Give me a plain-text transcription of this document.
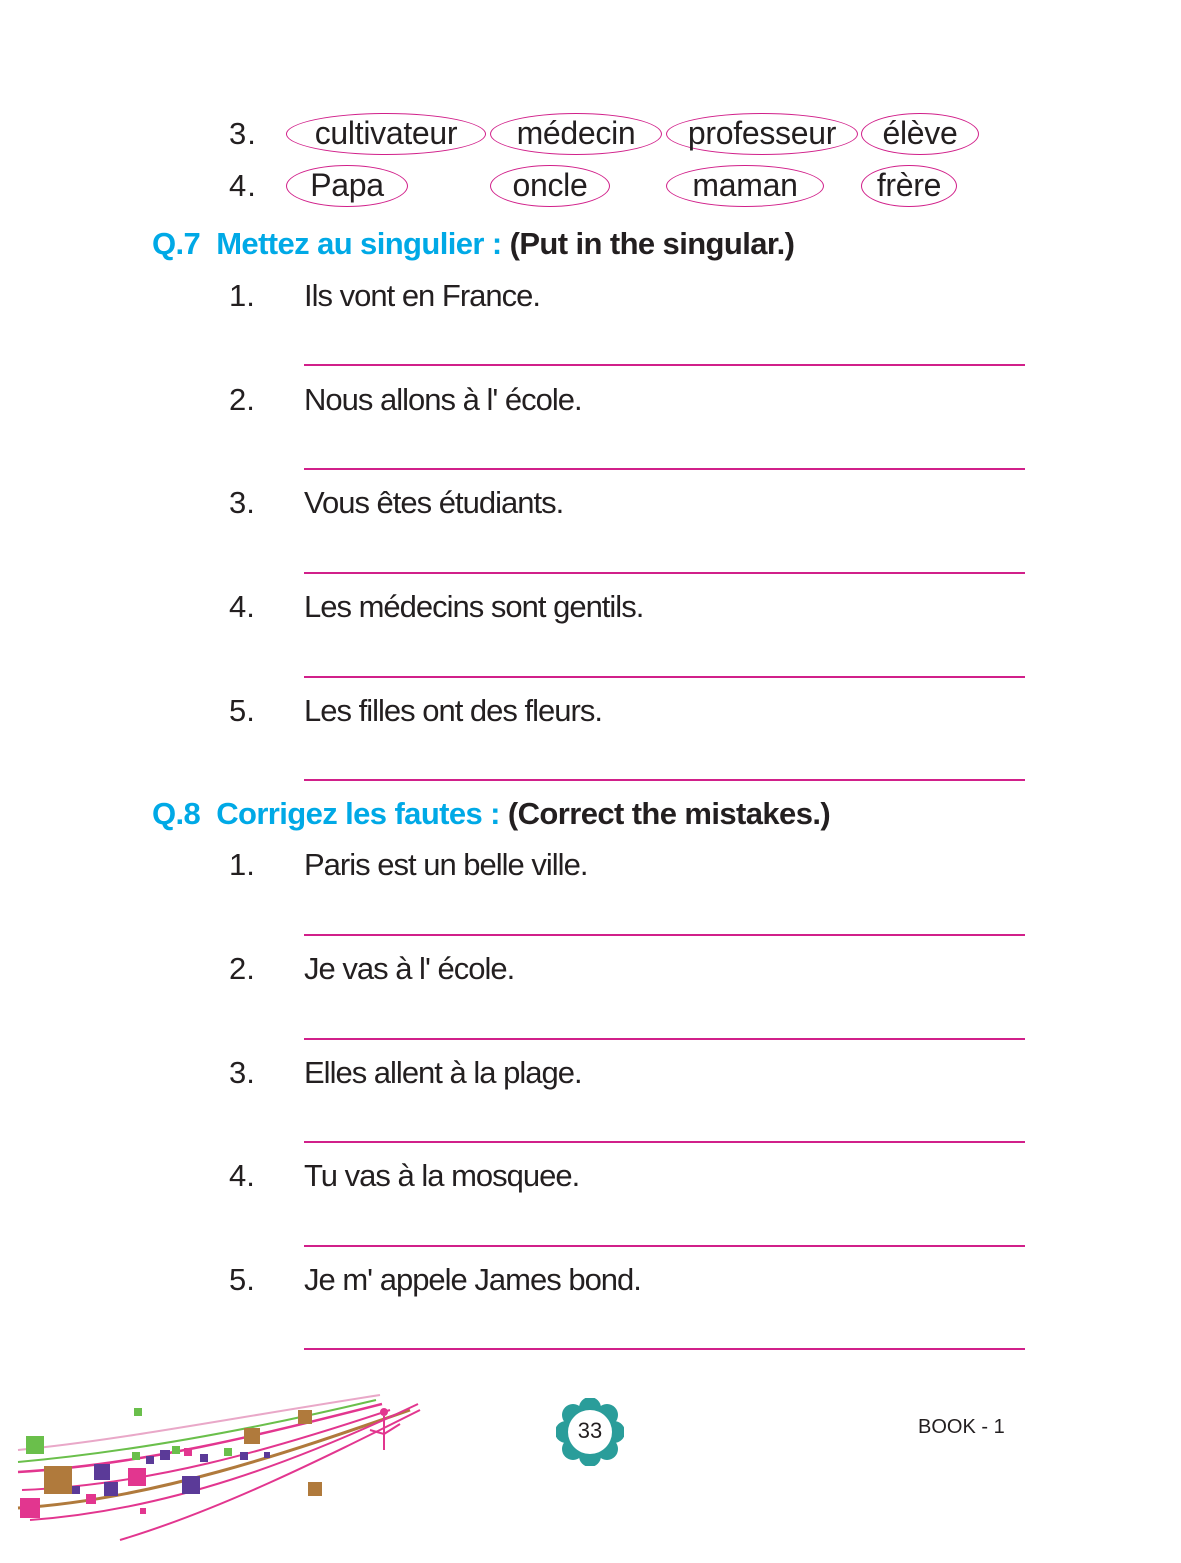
3.	cultivateur	médecin	professeur	élève
4.	Papa	oncle	maman	frère
Q.7 Mettez au singulier : (Put in the singular.)
1. Ils vont en France.
2. Nous allons à l' école.
3. Vous êtes étudiants.
4. Les médecins sont gentils.
5. Les filles ont des fleurs.
Q.8 Corrigez les fautes : (Correct the mistakes.)
1. Paris est un belle ville.
2. Je vas à l' école.
3. Elles allent à la plage.
4. Tu vas à la mosquee.
5. Je m' appele James bond.
33	BOOK - 1
